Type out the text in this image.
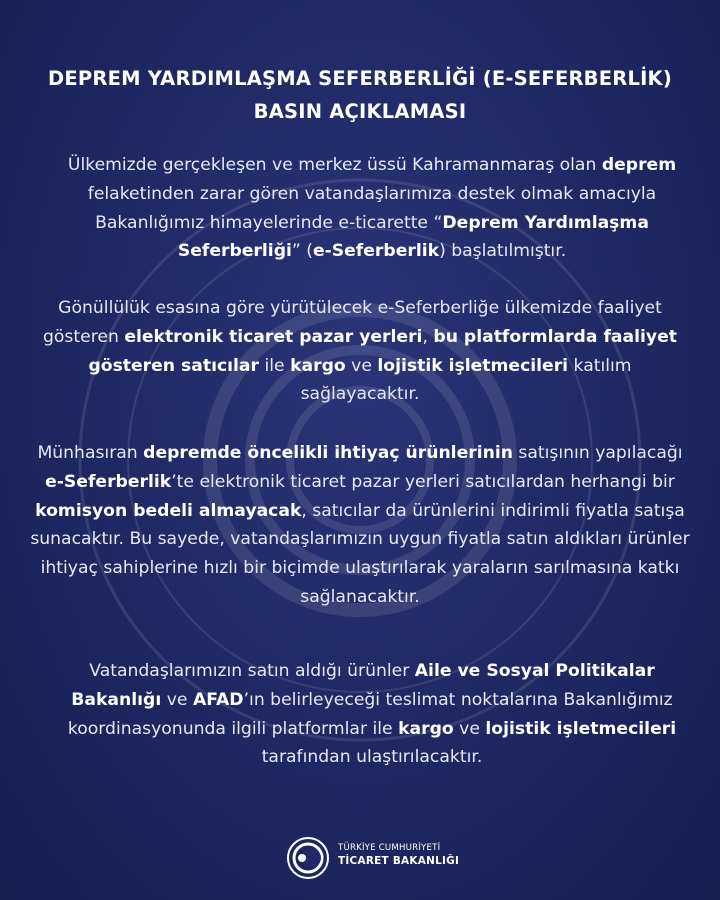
DEPREM YARDIMLAŞMA SEFERBERLİĞİ (E-SEFERBERLİK)
BASIN AÇIKLAMASI

Ülkemizde gerçekleşen ve merkez üssü Kahramanmaraş olan deprem felaketinden zarar gören vatandaşlarımıza destek olmak amacıyla Bakanlığımız himayelerinde e-ticarette “Deprem Yardımlaşma Seferberliği” (e-Seferberlik) başlatılmıştır.

Gönüllülük esasına göre yürütülecek e-Seferberliğe ülkemizde faaliyet gösteren elektronik ticaret pazar yerleri, bu platformlarda faaliyet gösteren satıcılar ile kargo ve lojistik işletmecileri katılım sağlayacaktır.

Münhasıran depremde öncelikli ihtiyaç ürünlerinin satışının yapılacağı e-Seferberlik’te elektronik ticaret pazar yerleri satıcılardan herhangi bir komisyon bedeli almayacak, satıcılar da ürünlerini indirimli fiyatla satışa sunacaktır. Bu sayede, vatandaşlarımızın uygun fiyatla satın aldıkları ürünler ihtiyaç sahiplerine hızlı bir biçimde ulaştırılarak yaraların sarılmasına katkı sağlanacaktır.

Vatandaşlarımızın satın aldığı ürünler Aile ve Sosyal Politikalar Bakanlığı ve AFAD’ın belirleyeceği teslimat noktalarına Bakanlığımız koordinasyonunda ilgili platformlar ile kargo ve lojistik işletmecileri tarafından ulaştırılacaktır.

TÜRKİYE CUMHURİYETİ
TİCARET BAKANLIĞI
